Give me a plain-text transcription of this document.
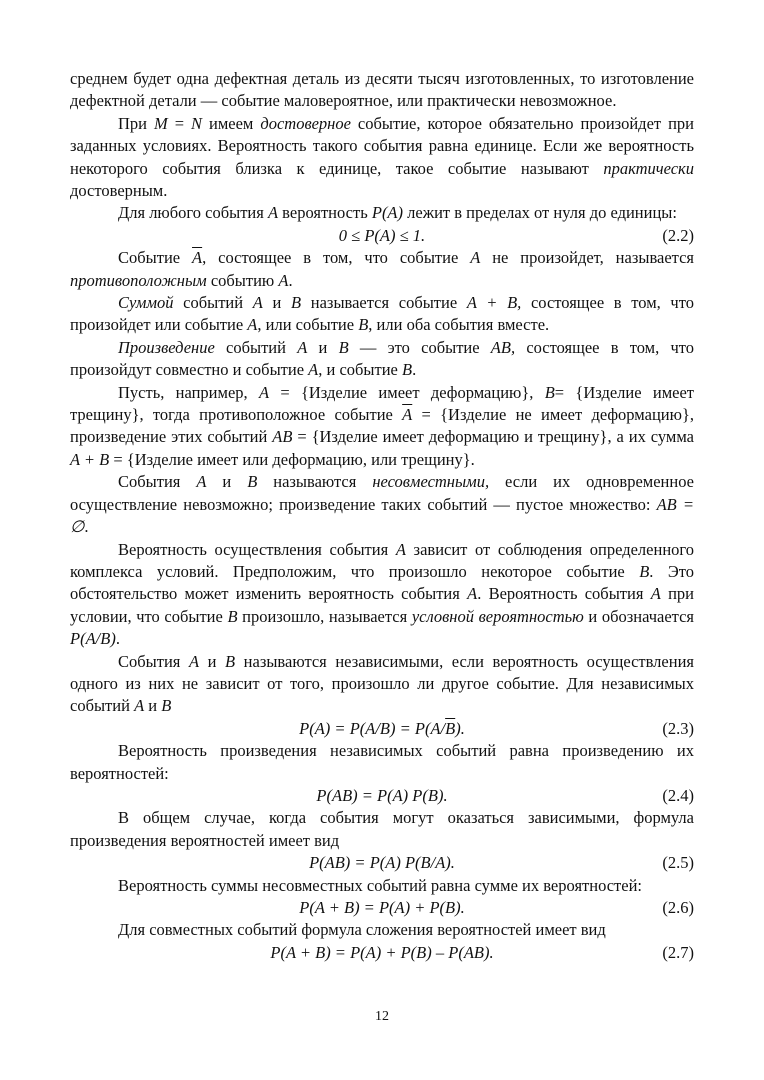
среднем будет одна дефектная деталь из десяти тысяч изготовленных, то изготовление дефектной детали — событие маловероятное, или практически невозможное.

При M = N имеем достоверное событие, которое обязательно произойдет при заданных условиях. Вероятность такого события равна единице. Если же вероятность некоторого события близка к единице, такое событие называют практически достоверным.

Для любого события A вероятность P(A) лежит в пределах от нуля до единицы:

0 ≤ P(A) ≤ 1.	(2.2)

Событие $\overline{A}$, состоящее в том, что событие A не произойдет, называется противоположным событию A.

Суммой событий A и B называется событие A + B, состоящее в том, что произойдет или событие A, или событие B, или оба события вместе.

Произведение событий A и B — это событие AB, состоящее в том, что произойдут совместно и событие A, и событие B.

Пусть, например, A = {Изделие имеет деформацию}, B= {Изделие имеет трещину}, тогда противоположное событие $\overline{A}$ = {Изделие не имеет деформацию}, произведение этих событий AB = {Изделие имеет деформацию и трещину}, а их сумма A + B = {Изделие имеет или деформацию, или трещину}.

События A и B называются несовместными, если их одновременное осуществление невозможно; произведение таких событий — пустое множество: AB = ∅.

Вероятность осуществления события A зависит от соблюдения определенного комплекса условий. Предположим, что произошло некоторое событие B. Это обстоятельство может изменить вероятность события A. Вероятность события A при условии, что событие B произошло, называется условной вероятностью и обозначается P(A/B).

События A и B называются независимыми, если вероятность осуществления одного из них не зависит от того, произошло ли другое событие. Для независимых событий A и B

$P(A) = P(A/B) = P(A/\overline{B})$.	(2.3)

Вероятность произведения независимых событий равна произведению их вероятностей:

P(AB) = P(A) P(B).	(2.4)

В общем случае, когда события могут оказаться зависимыми, формула произведения вероятностей имеет вид

P(AB) = P(A) P(B/A).	(2.5)

Вероятность суммы несовместных событий равна сумме их вероятностей:

P(A + B) = P(A) + P(B).	(2.6)

Для совместных событий формула сложения вероятностей имеет вид

P(A + B) = P(A) + P(B) – P(AB).	(2.7)
12
